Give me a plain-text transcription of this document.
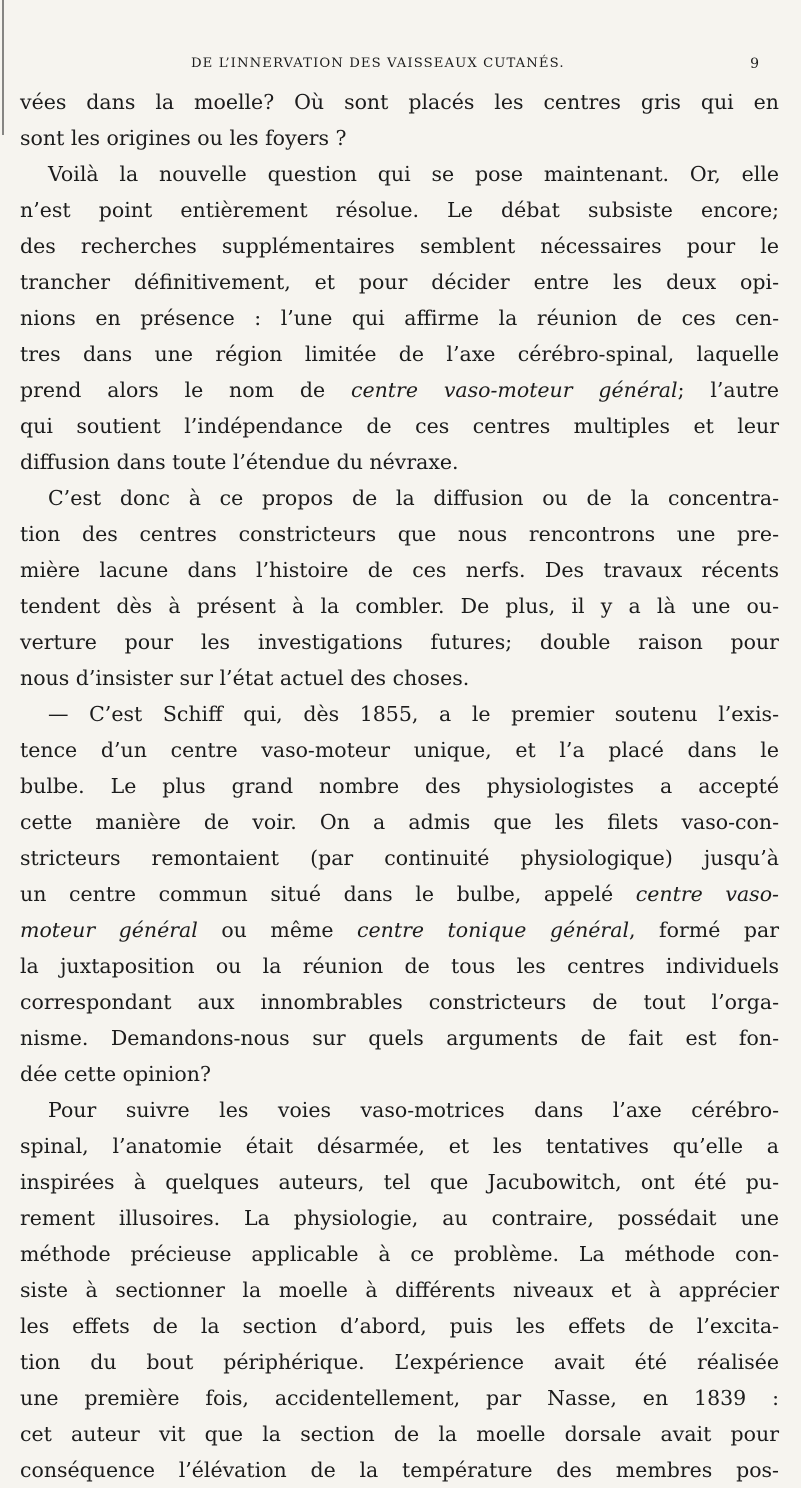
DE L’INNERVATION DES VAISSEAUX CUTANÉS.	9
vées dans la moelle? Où sont placés les centres gris qui en
sont les origines ou les foyers ?
Voilà la nouvelle question qui se pose maintenant. Or, elle
n’est point entièrement résolue. Le débat subsiste encore;
des recherches supplémentaires semblent nécessaires pour le
trancher définitivement, et pour décider entre les deux opi-
nions en présence : l’une qui affirme la réunion de ces cen-
tres dans une région limitée de l’axe cérébro-spinal, laquelle
prend alors le nom de centre vaso-moteur général; l’autre
qui soutient l’indépendance de ces centres multiples et leur
diffusion dans toute l’étendue du névraxe.
C’est donc à ce propos de la diffusion ou de la concentra-
tion des centres constricteurs que nous rencontrons une pre-
mière lacune dans l’histoire de ces nerfs. Des travaux récents
tendent dès à présent à la combler. De plus, il y a là une ou-
verture pour les investigations futures; double raison pour
nous d’insister sur l’état actuel des choses.
— C’est Schiff qui, dès 1855, a le premier soutenu l’exis-
tence d’un centre vaso-moteur unique, et l’a placé dans le
bulbe. Le plus grand nombre des physiologistes a accepté
cette manière de voir. On a admis que les filets vaso-con-
stricteurs remontaient (par continuité physiologique) jusqu’à
un centre commun situé dans le bulbe, appelé centre vaso-
moteur général ou même centre tonique général, formé par
la juxtaposition ou la réunion de tous les centres individuels
correspondant aux innombrables constricteurs de tout l’orga-
nisme. Demandons-nous sur quels arguments de fait est fon-
dée cette opinion?
Pour suivre les voies vaso-motrices dans l’axe cérébro-
spinal, l’anatomie était désarmée, et les tentatives qu’elle a
inspirées à quelques auteurs, tel que Jacubowitch, ont été pu-
rement illusoires. La physiologie, au contraire, possédait une
méthode précieuse applicable à ce problème. La méthode con-
siste à sectionner la moelle à différents niveaux et à apprécier
les effets de la section d’abord, puis les effets de l’excita-
tion du bout périphérique. L’expérience avait été réalisée
une première fois, accidentellement, par Nasse, en 1839 :
cet auteur vit que la section de la moelle dorsale avait pour
conséquence l’élévation de la température des membres pos-
